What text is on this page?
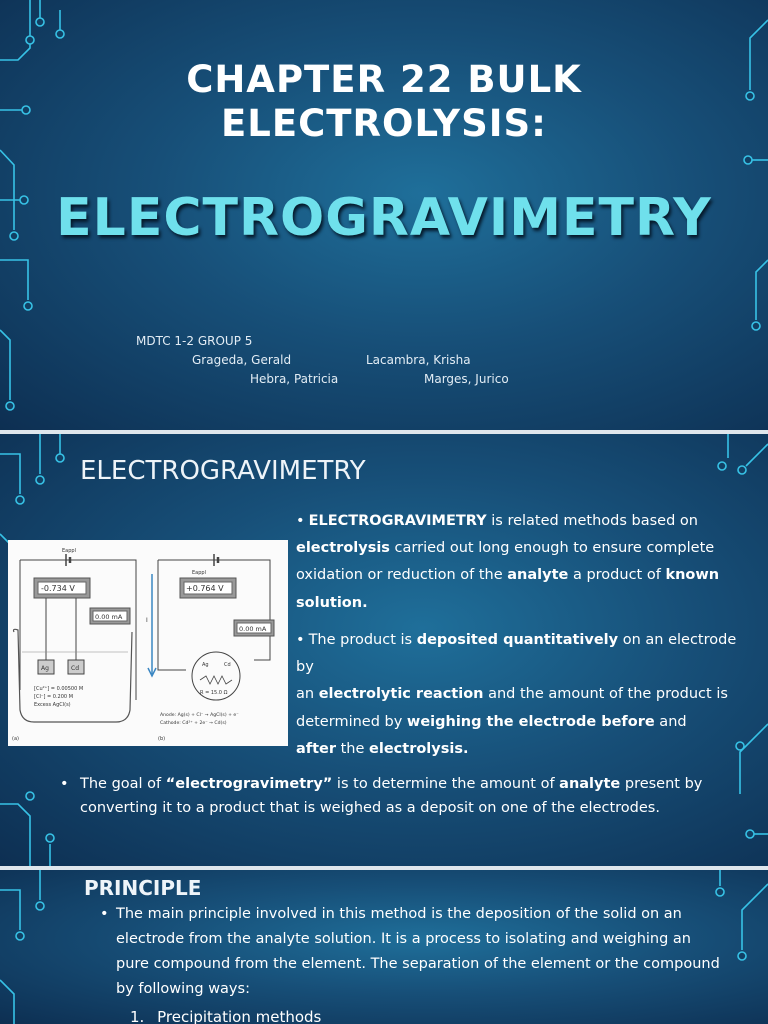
CHAPTER 22 BULK
ELECTROLYSIS:
ELECTROGRAVIMETRY
MDTC 1-2 GROUP 5
Grageda, Gerald	Lacambra, Krisha
Hebra, Patricia	Marges, Jurico
ELECTROGRAVIMETRY

• ELECTROGRAVIMETRY is related methods based on electrolysis carried out long enough to ensure complete oxidation or reduction of the analyte a product of known solution.

• The product is deposited quantitatively on an electrode by

an electrolytic reaction and the amount of the product is determined by weighing the electrode before and

after the electrolysis.

Eappl
-0.734 V
0.00 mA
Ag	Cd
[Cu²⁺] = 0.00500 M
[Cl⁻] = 0.200 M
Excess AgCl(s)
(a)
I
Eappl
+0.764 V
0.00 mA
Ag	Cd
R = 15.0 Ω
Anode: Ag(s) + Cl⁻ → AgCl(s) + e⁻
Cathode: Cd²⁺ + 2e⁻ → Cd(s)
(b)
• The goal of “electrogravimetry” is to determine the amount of analyte present by converting it to a product that is weighed as a deposit on one of the electrodes.
PRINCIPLE
• The main principle involved in this method is the deposition of the solid on an electrode from the analyte solution. It is a process to isolating and weighing an pure compound from the element. The separation of the element or the compound by following ways:
1. Precipitation methods
